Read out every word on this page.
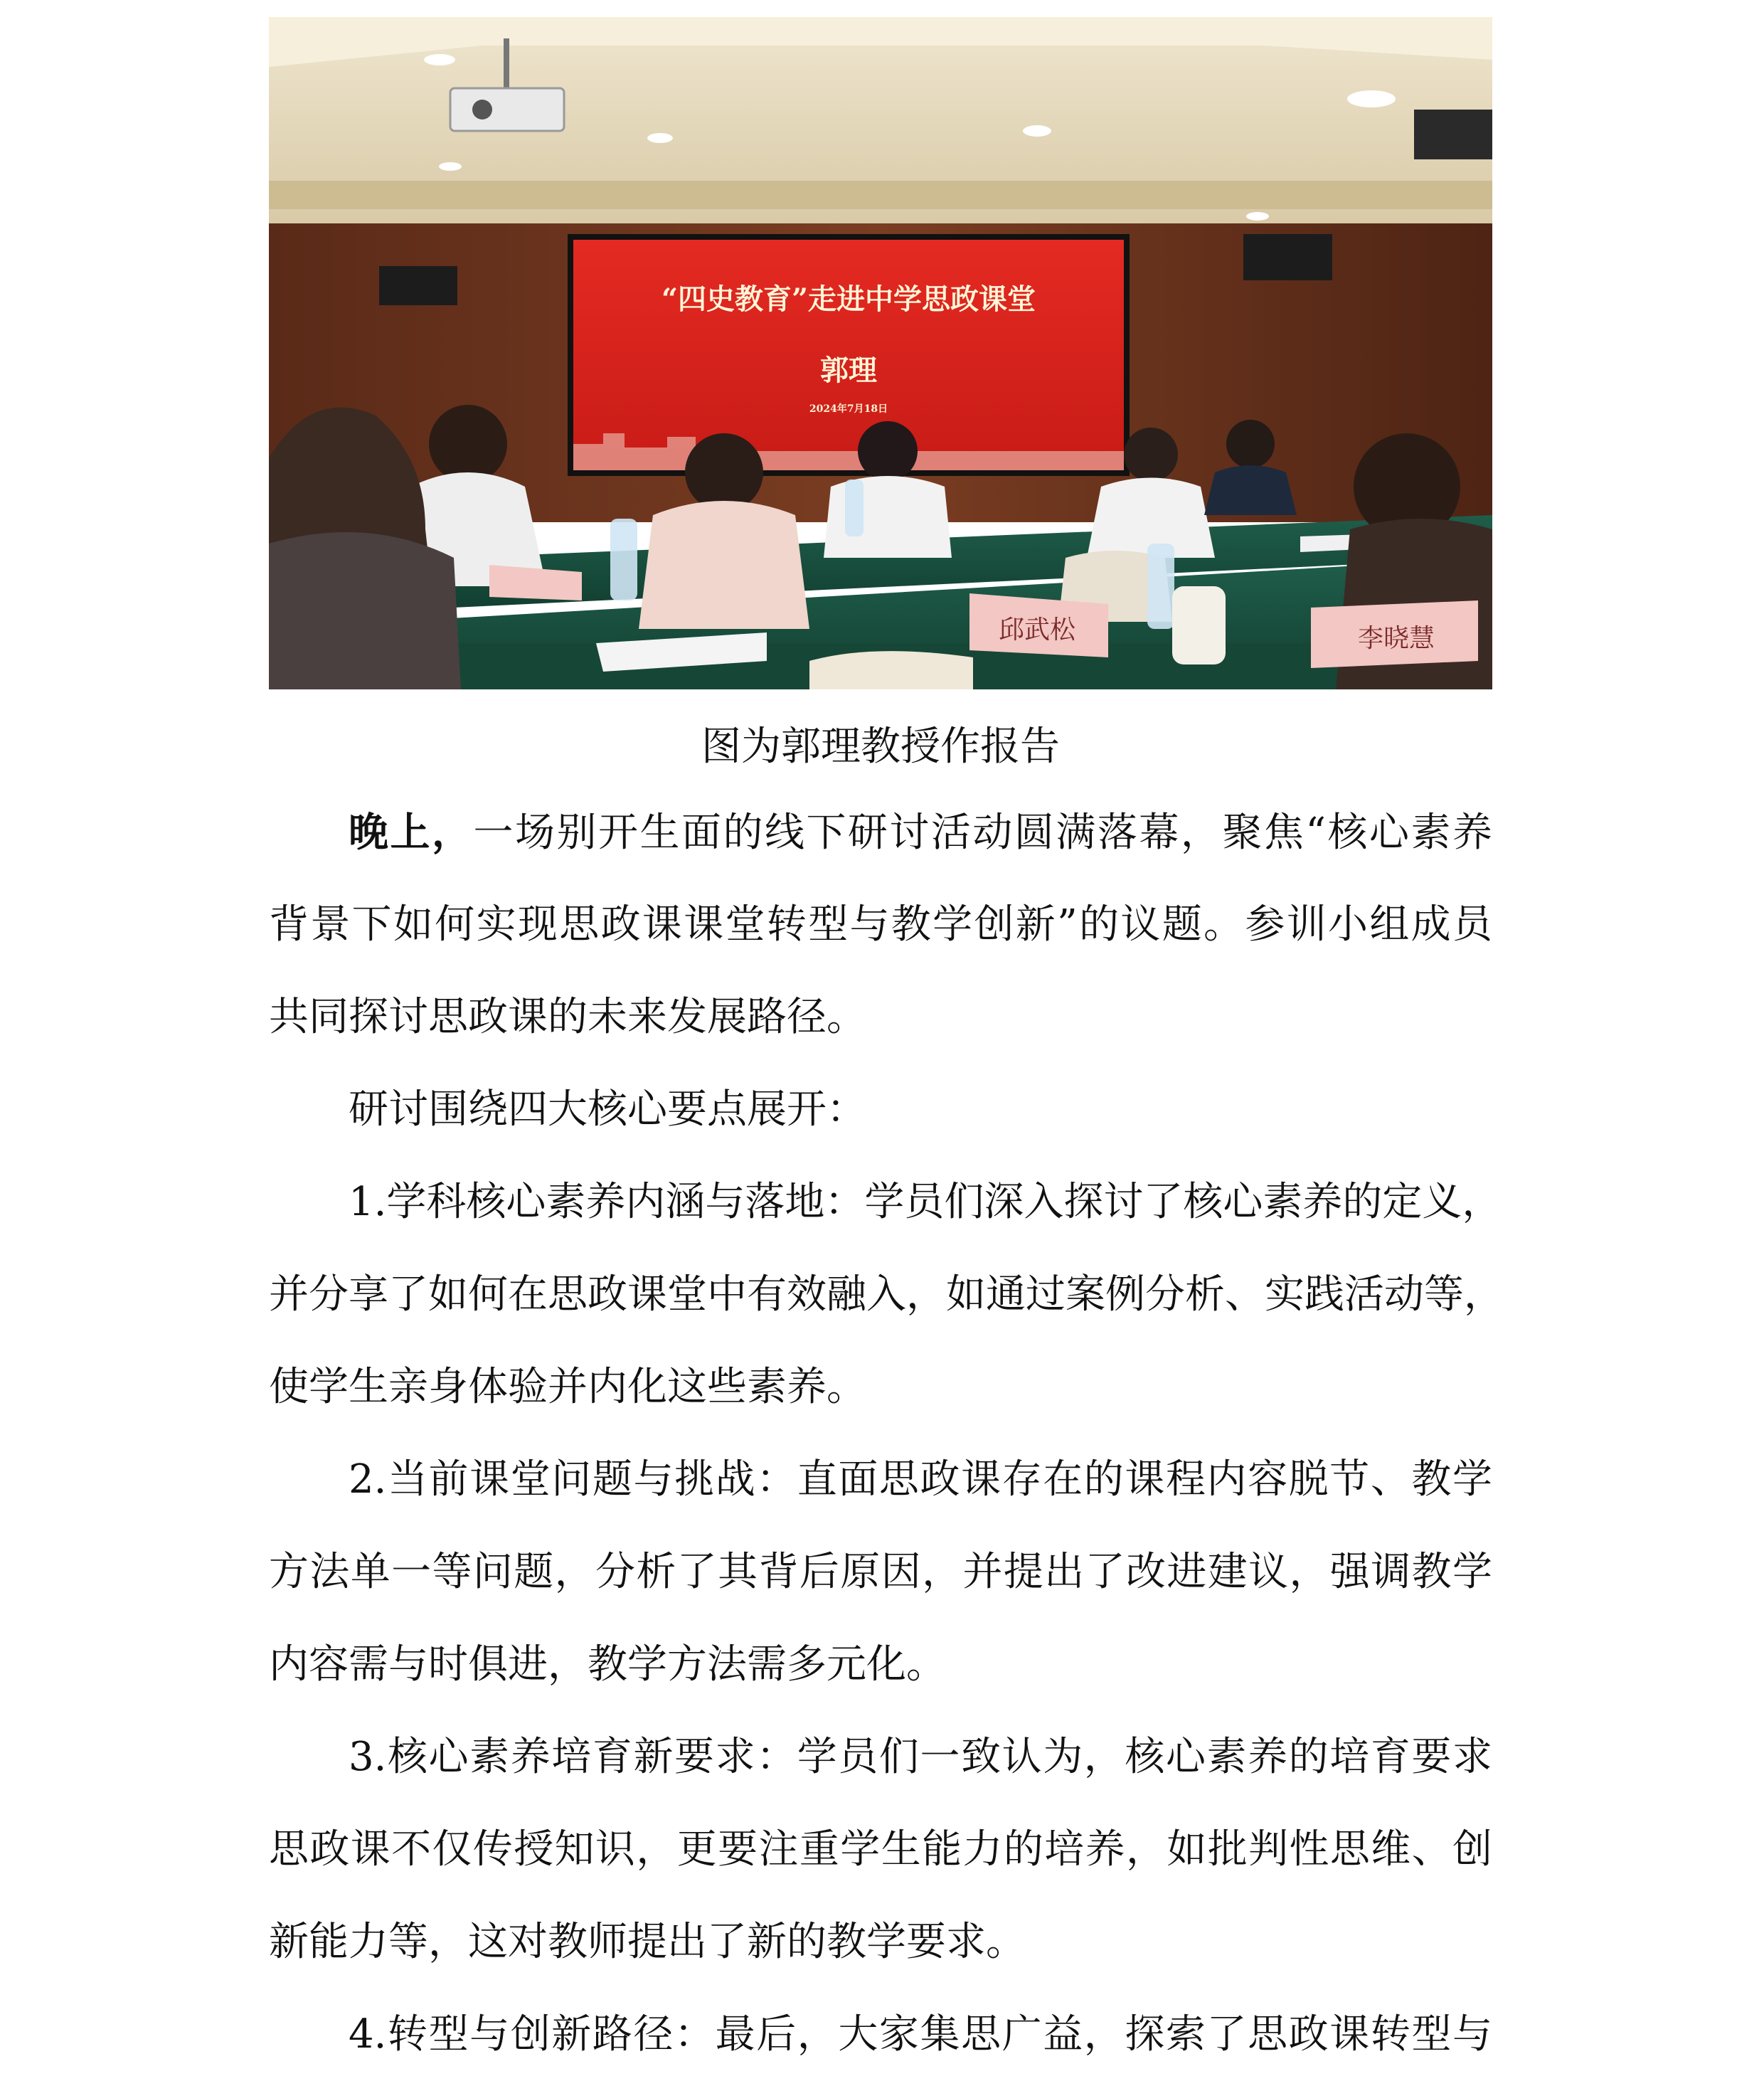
“四史教育”走进中学思政课堂
郭理
2024年7月18日
邱武松	李晓慧
图为郭理教授作报告
晚上，一场别开生面的线下研讨活动圆满落幕，聚焦“核心素养
背景下如何实现思政课课堂转型与教学创新”的议题。参训小组成员
共同探讨思政课的未来发展路径。
研讨围绕四大核心要点展开：
1.学科核心素养内涵与落地：学员们深入探讨了核心素养的定义，
并分享了如何在思政课堂中有效融入，如通过案例分析、实践活动等，
使学生亲身体验并内化这些素养。
2.当前课堂问题与挑战：直面思政课存在的课程内容脱节、教学
方法单一等问题，分析了其背后原因，并提出了改进建议，强调教学
内容需与时俱进，教学方法需多元化。
3.核心素养培育新要求：学员们一致认为，核心素养的培育要求
思政课不仅传授知识，更要注重学生能力的培养，如批判性思维、创
新能力等，这对教师提出了新的教学要求。
4.转型与创新路径：最后，大家集思广益，探索了思政课转型与
